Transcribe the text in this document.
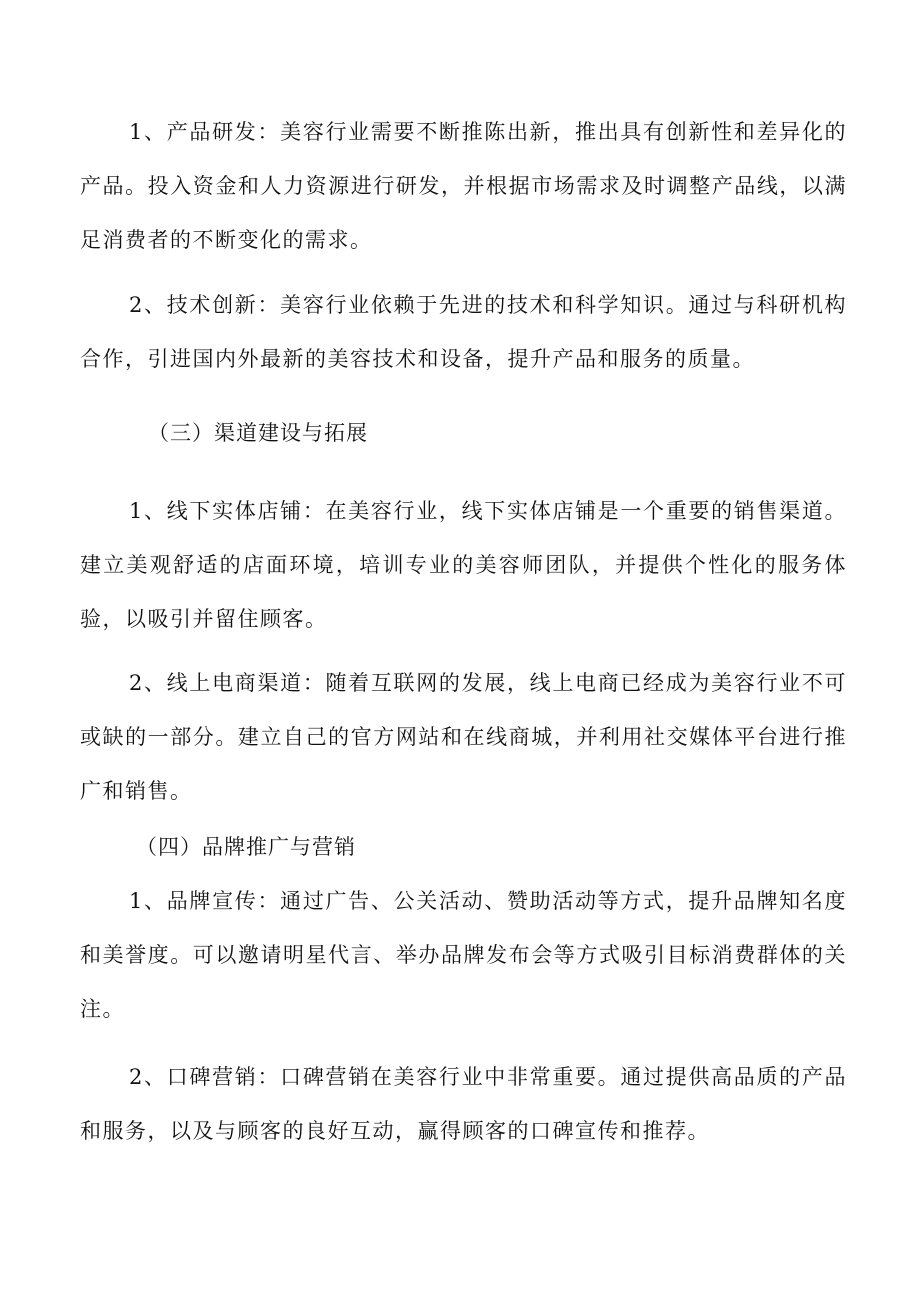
1、产品研发：美容行业需要不断推陈出新，推出具有创新性和差异化的产品。投入资金和人力资源进行研发，并根据市场需求及时调整产品线，以满足消费者的不断变化的需求。

2、技术创新：美容行业依赖于先进的技术和科学知识。通过与科研机构合作，引进国内外最新的美容技术和设备，提升产品和服务的质量。

（三）渠道建设与拓展

1、线下实体店铺：在美容行业，线下实体店铺是一个重要的销售渠道。建立美观舒适的店面环境，培训专业的美容师团队，并提供个性化的服务体验，以吸引并留住顾客。

2、线上电商渠道：随着互联网的发展，线上电商已经成为美容行业不可或缺的一部分。建立自己的官方网站和在线商城，并利用社交媒体平台进行推广和销售。

（四）品牌推广与营销

1、品牌宣传：通过广告、公关活动、赞助活动等方式，提升品牌知名度和美誉度。可以邀请明星代言、举办品牌发布会等方式吸引目标消费群体的关注。

2、口碑营销：口碑营销在美容行业中非常重要。通过提供高品质的产品和服务，以及与顾客的良好互动，赢得顾客的口碑宣传和推荐。
